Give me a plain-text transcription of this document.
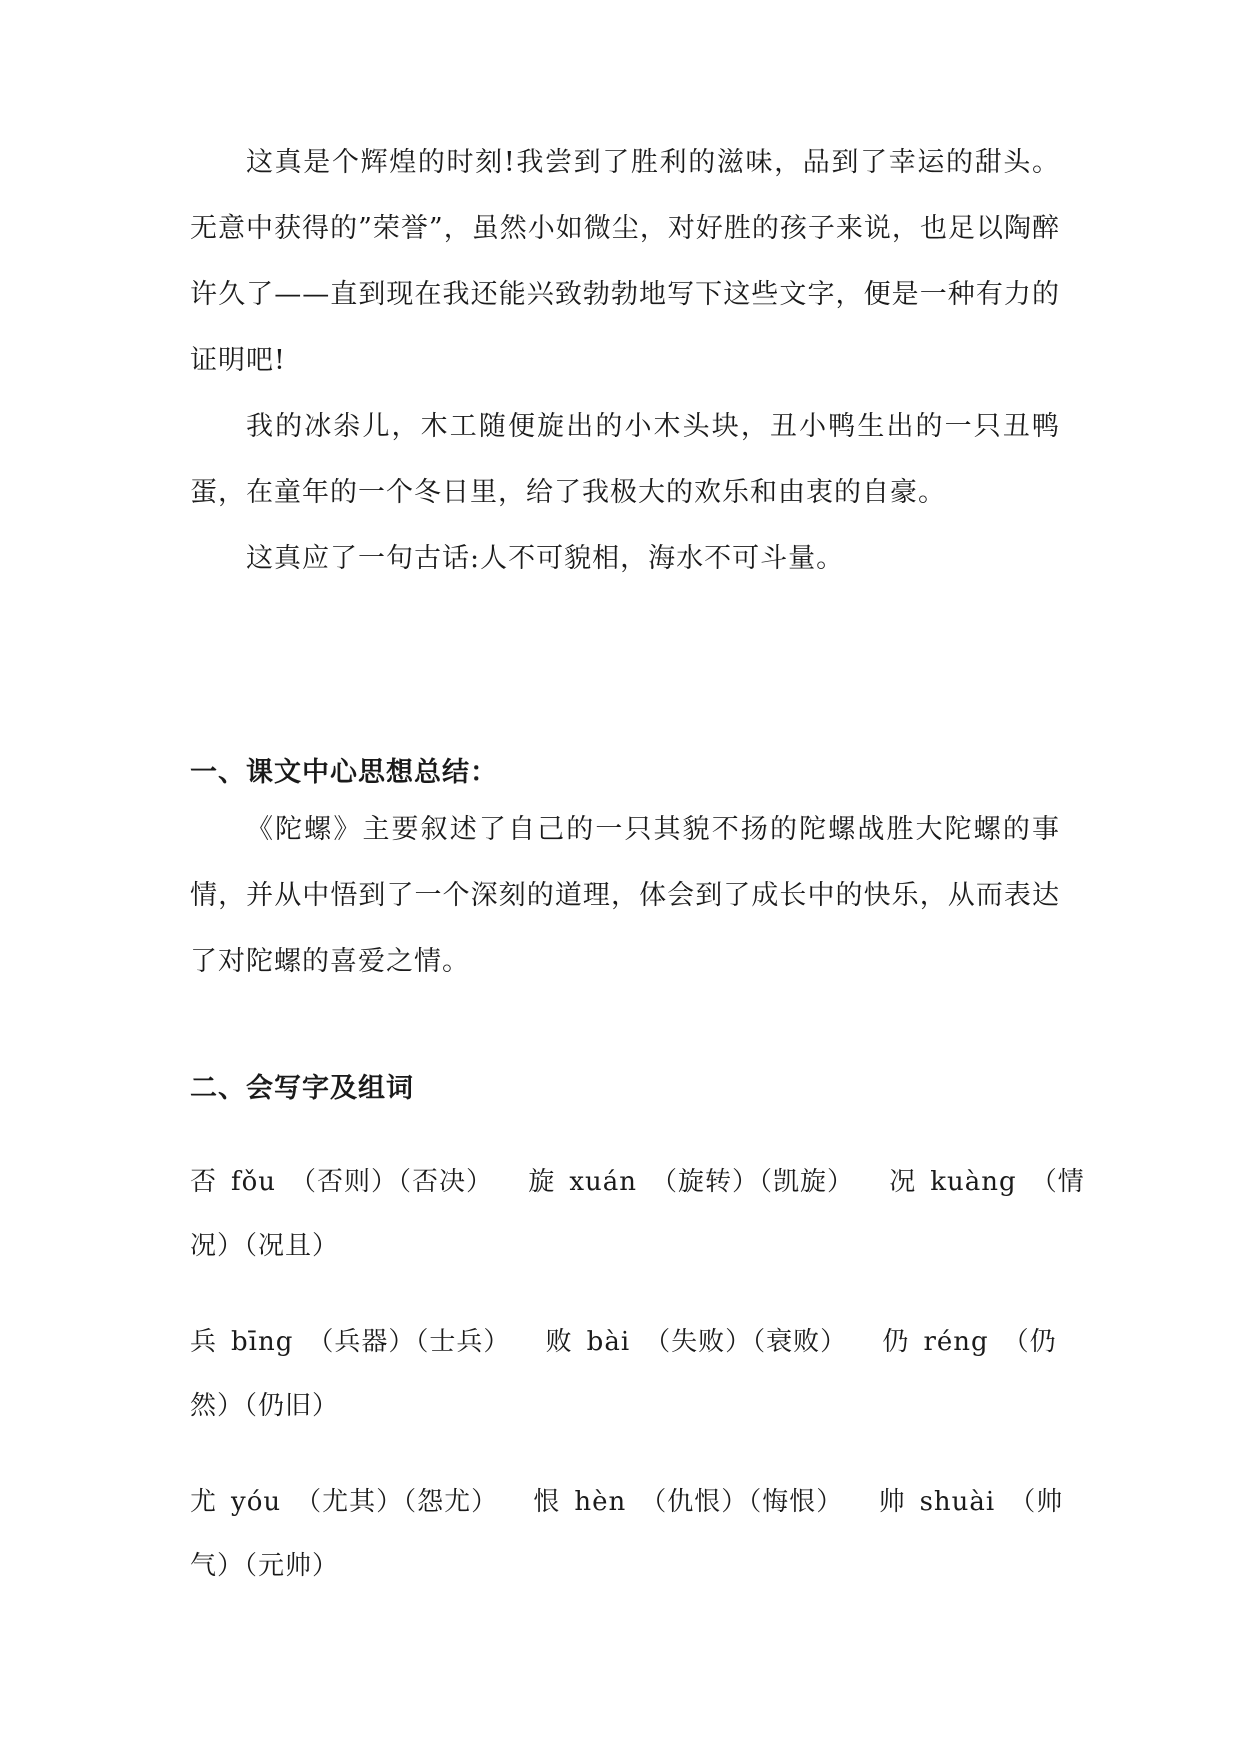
这真是个辉煌的时刻!我尝到了胜利的滋味，品到了幸运的甜头。无意中获得的”荣誉”，虽然小如微尘，对好胜的孩子来说，也足以陶醉许久了——直到现在我还能兴致勃勃地写下这些文字，便是一种有力的证明吧!

我的冰尜儿，木工随便旋出的小木头块，丑小鸭生出的一只丑鸭蛋，在童年的一个冬日里，给了我极大的欢乐和由衷的自豪。

这真应了一句古话:人不可貌相，海水不可斗量。

一、课文中心思想总结：

《陀螺》主要叙述了自己的一只其貌不扬的陀螺战胜大陀螺的事情，并从中悟到了一个深刻的道理，体会到了成长中的快乐，从而表达了对陀螺的喜爱之情。

二、会写字及组词

否 fǒu （否则）（否决） 旋 xuán （旋转）（凯旋） 况 kuàng （情况）（况且）

兵 bīng （兵器）（士兵） 败 bài （失败）（衰败） 仍 réng （仍然）（仍旧）

尤 yóu （尤其）（怨尤） 恨 hèn （仇恨）（悔恨） 帅 shuài （帅气）（元帅）
